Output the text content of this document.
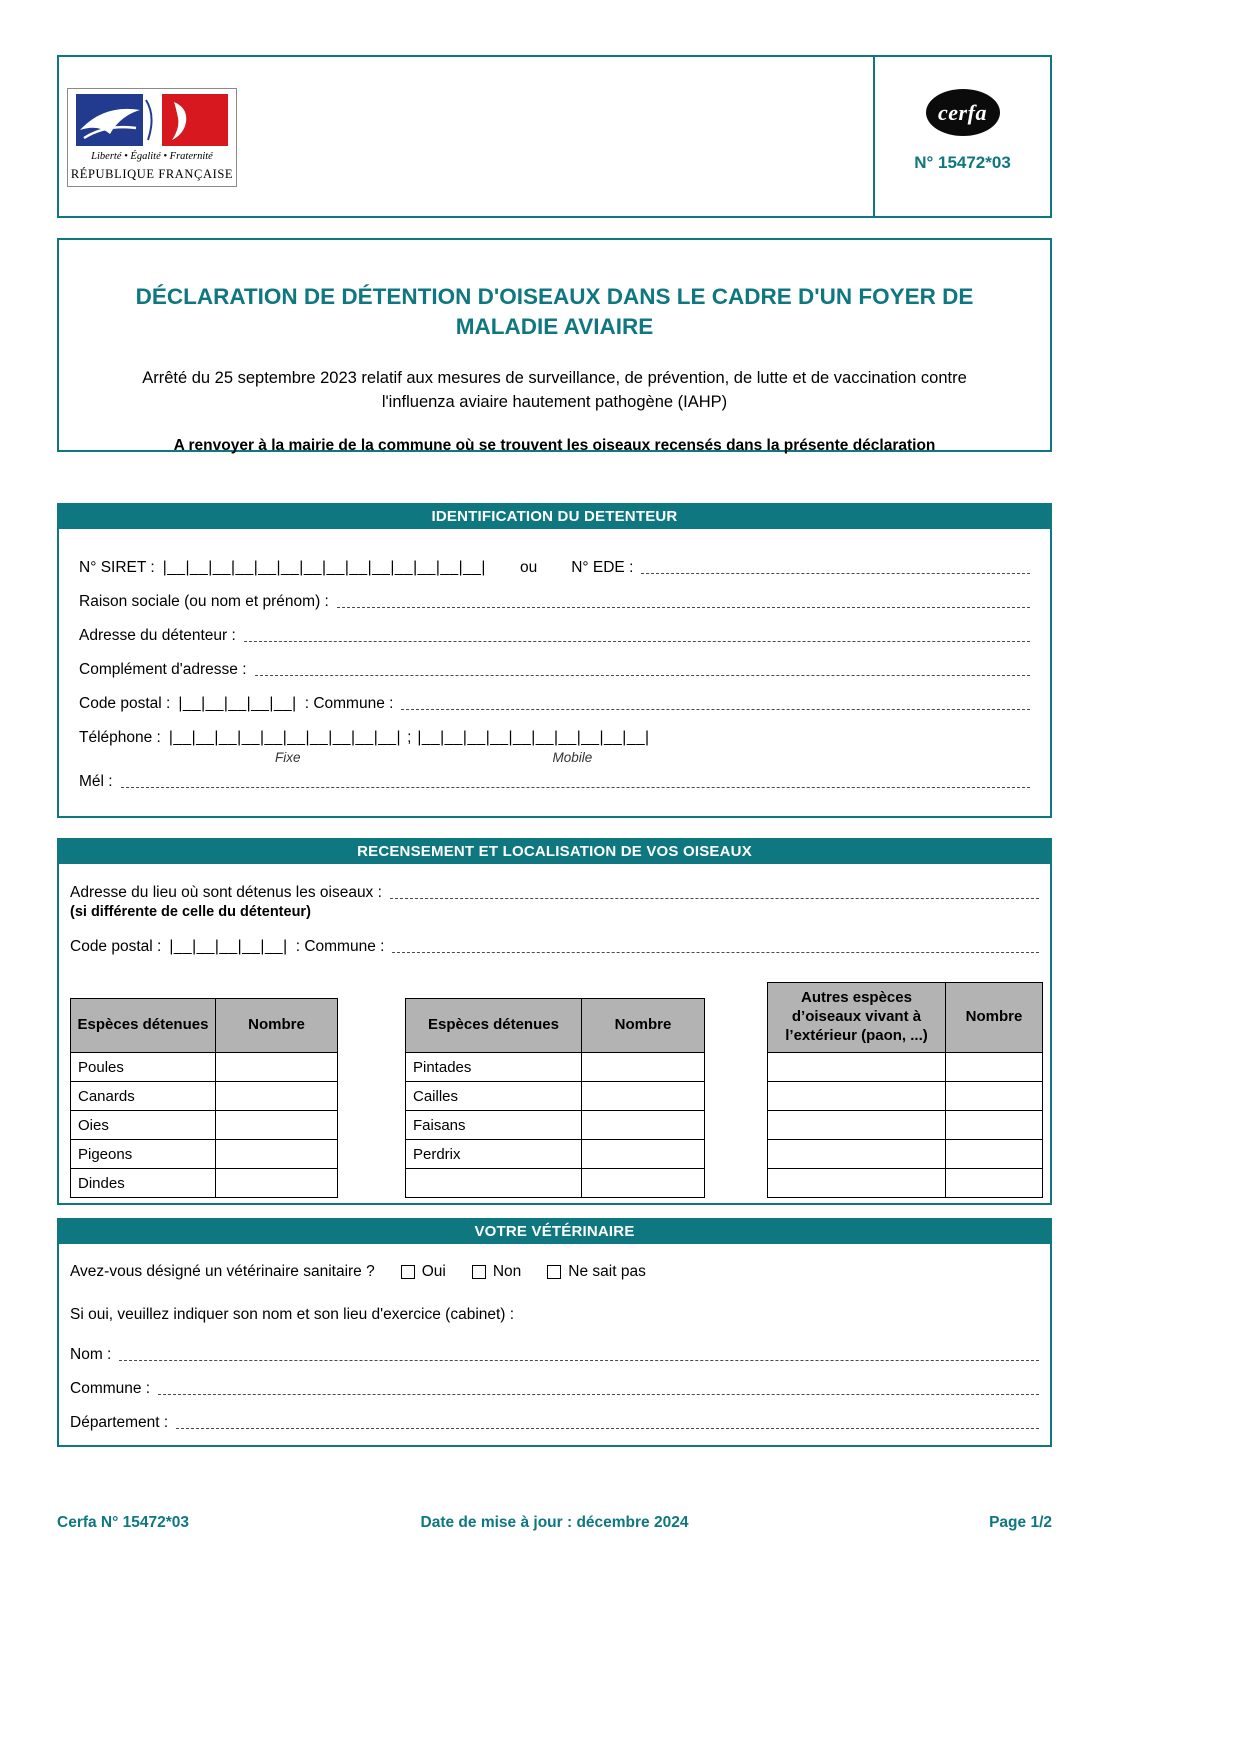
Liberté • Égalité • Fraternité
RÉPUBLIQUE FRANÇAISE
cerfa
N° 15472*03
DÉCLARATION DE DÉTENTION D'OISEAUX DANS LE CADRE D'UN FOYER DE MALADIE AVIAIRE
Arrêté du 25 septembre 2023 relatif aux mesures de surveillance, de prévention, de lutte et de vaccination contre l'influenza aviaire hautement pathogène (IAHP)
A renvoyer à la mairie de la commune où se trouvent les oiseaux recensés dans la présente déclaration
IDENTIFICATION DU DETENTEUR
N° SIRET : |__|__|__|__|__|__|__|__|__|__|__|__|__|__| ou N° EDE :
Raison sociale (ou nom et prénom) :
Adresse du détenteur :
Complément d'adresse :
Code postal : |__|__|__|__|__| : Commune :
Téléphone : |__|__|__|__|__|__|__|__|__|__| ; |__|__|__|__|__|__|__|__|__|__|
Fixe	Mobile
Mél :
RECENSEMENT ET LOCALISATION DE VOS OISEAUX
Adresse du lieu où sont détenus les oiseaux :
(si différente de celle du détenteur)
Code postal : |__|__|__|__|__| : Commune :
Espèces détenues	Nombre
Poules	
Canards	
Oies	
Pigeons	
Dindes	
Espèces détenues	Nombre
Pintades	
Cailles	
Faisans	
Perdrix	

Autres espèces d’oiseaux vivant à l’extérieur (paon, ...)	Nombre

VOTRE VÉTÉRINAIRE
Avez-vous désigné un vétérinaire sanitaire ?	Oui	Non	Ne sait pas
Si oui, veuillez indiquer son nom et son lieu d'exercice (cabinet) :
Nom :
Commune :
Département :
Cerfa N° 15472*03	Date de mise à jour : décembre 2024	Page 1/2
